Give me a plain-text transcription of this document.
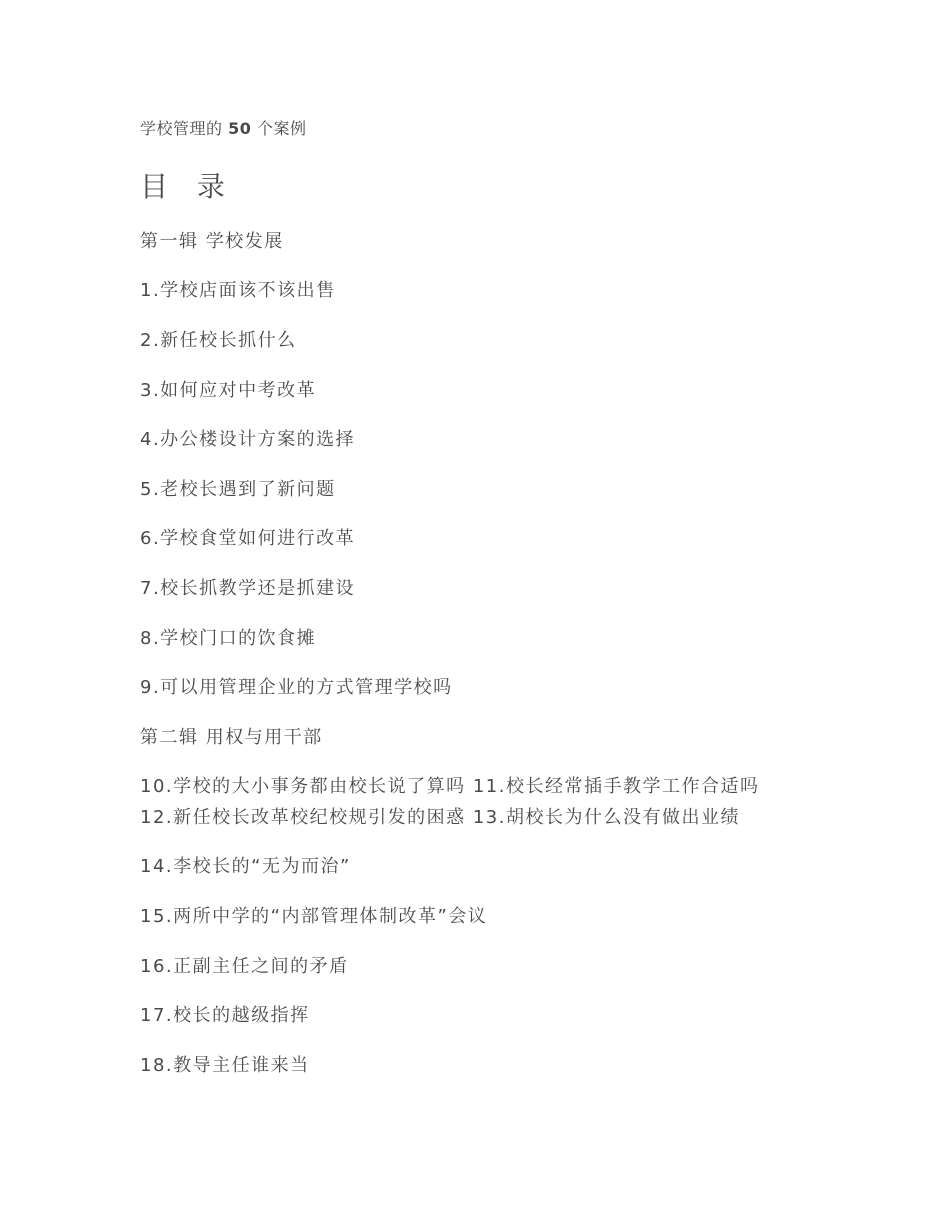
学校管理的 50 个案例
目 录
第一辑 学校发展
1.学校店面该不该出售
2.新任校长抓什么
3.如何应对中考改革
4.办公楼设计方案的选择
5.老校长遇到了新问题
6.学校食堂如何进行改革
7.校长抓教学还是抓建设
8.学校门口的饮食摊
9.可以用管理企业的方式管理学校吗
第二辑 用权与用干部
10.学校的大小事务都由校长说了算吗 11.校长经常插手教学工作合适吗
12.新任校长改革校纪校规引发的困惑 13.胡校长为什么没有做出业绩
14.李校长的“无为而治”
15.两所中学的“内部管理体制改革”会议
16.正副主任之间的矛盾
17.校长的越级指挥
18.教导主任谁来当
